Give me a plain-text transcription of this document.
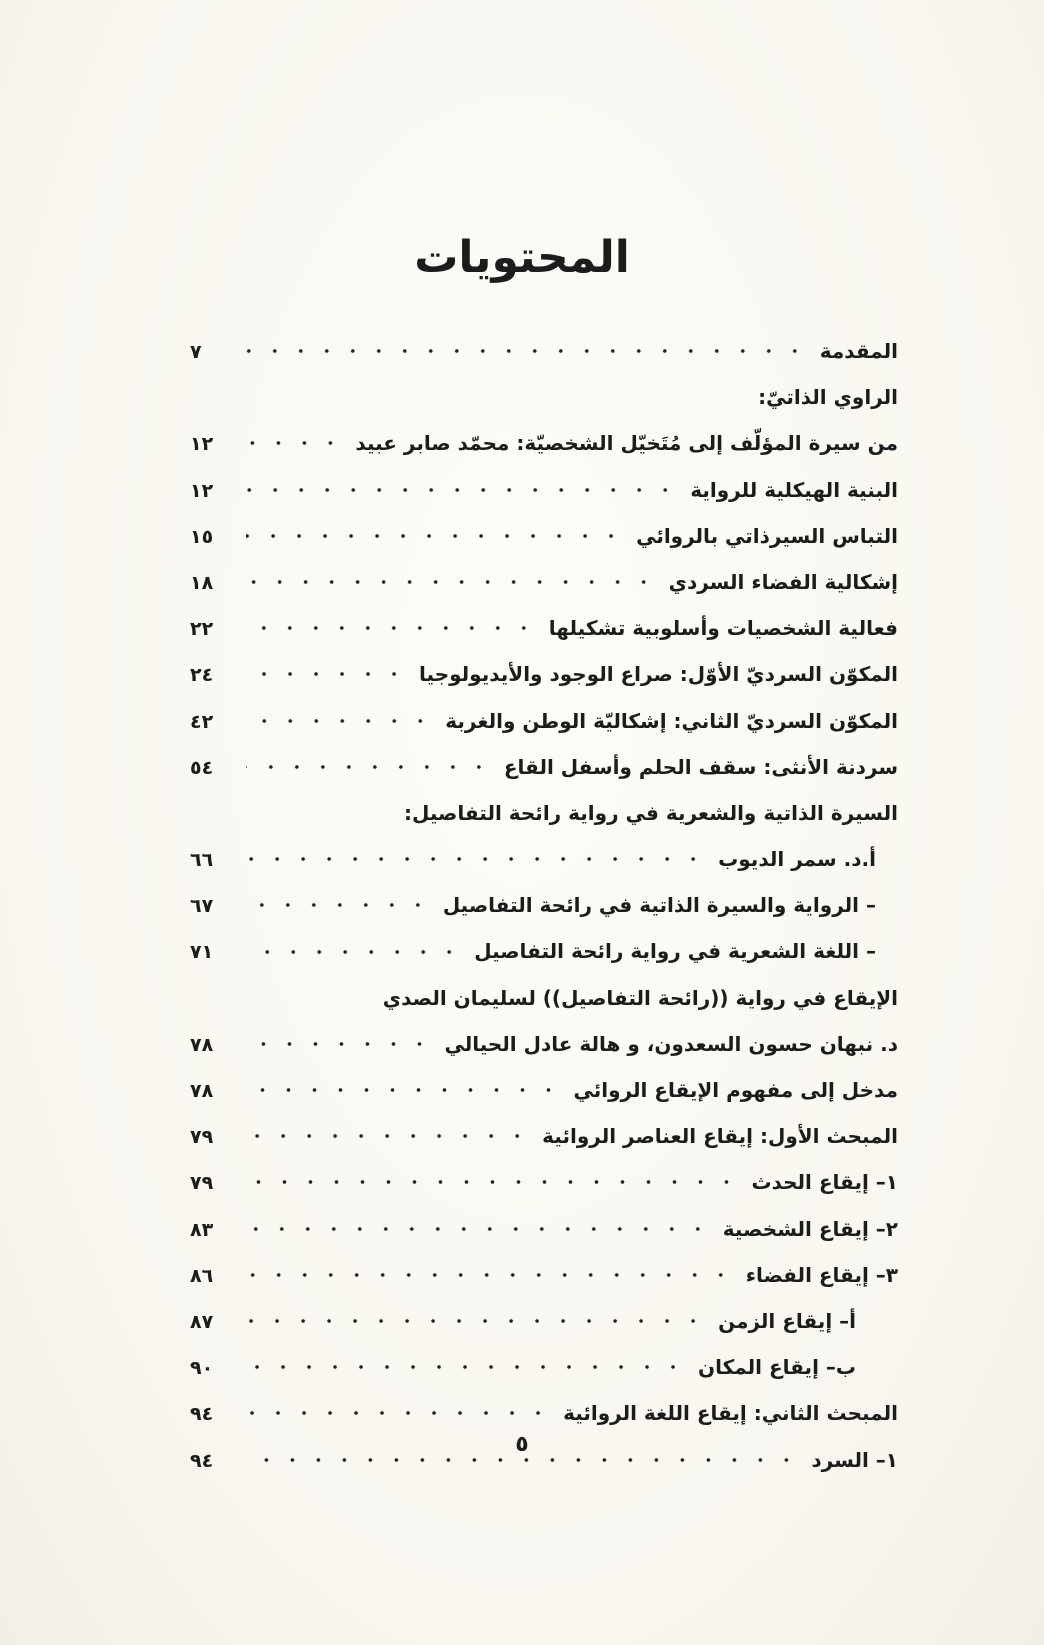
المحتويات
المقدمة
٧
الراوي الذاتيّ:
من سيرة المؤلّف إلى مُتَخيّل الشخصيّة: محمّد صابر عبيد
١٢
البنية الهيكلية للرواية
١٢
التباس السيرذاتي بالروائي
١٥
إشكالية الفضاء السردي
١٨
فعالية الشخصيات وأسلوبية تشكيلها
٢٢
المكوّن السرديّ الأوّل: صراع الوجود والأيديولوجيا
٢٤
المكوّن السرديّ الثاني: إشكاليّة الوطن والغربة
٤٢
سردنة الأنثى: سقف الحلم وأسفل القاع
٥٤
السيرة الذاتية والشعرية في رواية رائحة التفاصيل:
أ.د. سمر الديوب
٦٦
– الرواية والسيرة الذاتية في رائحة التفاصيل
٦٧
– اللغة الشعرية في رواية رائحة التفاصيل
٧١
الإيقاع في رواية ((رائحة التفاصيل)) لسليمان الصدي
د. نبهان حسون السعدون، و هالة عادل الحيالي
٧٨
مدخل إلى مفهوم الإيقاع الروائي
٧٨
المبحث الأول: إيقاع العناصر الروائية
٧٩
١– إيقاع الحدث
٧٩
٢– إيقاع الشخصية
٨٣
٣– إيقاع الفضاء
٨٦
أ– إيقاع الزمن
٨٧
ب– إيقاع المكان
٩٠
المبحث الثاني: إيقاع اللغة الروائية
٩٤
١– السرد
٩٤
٥
